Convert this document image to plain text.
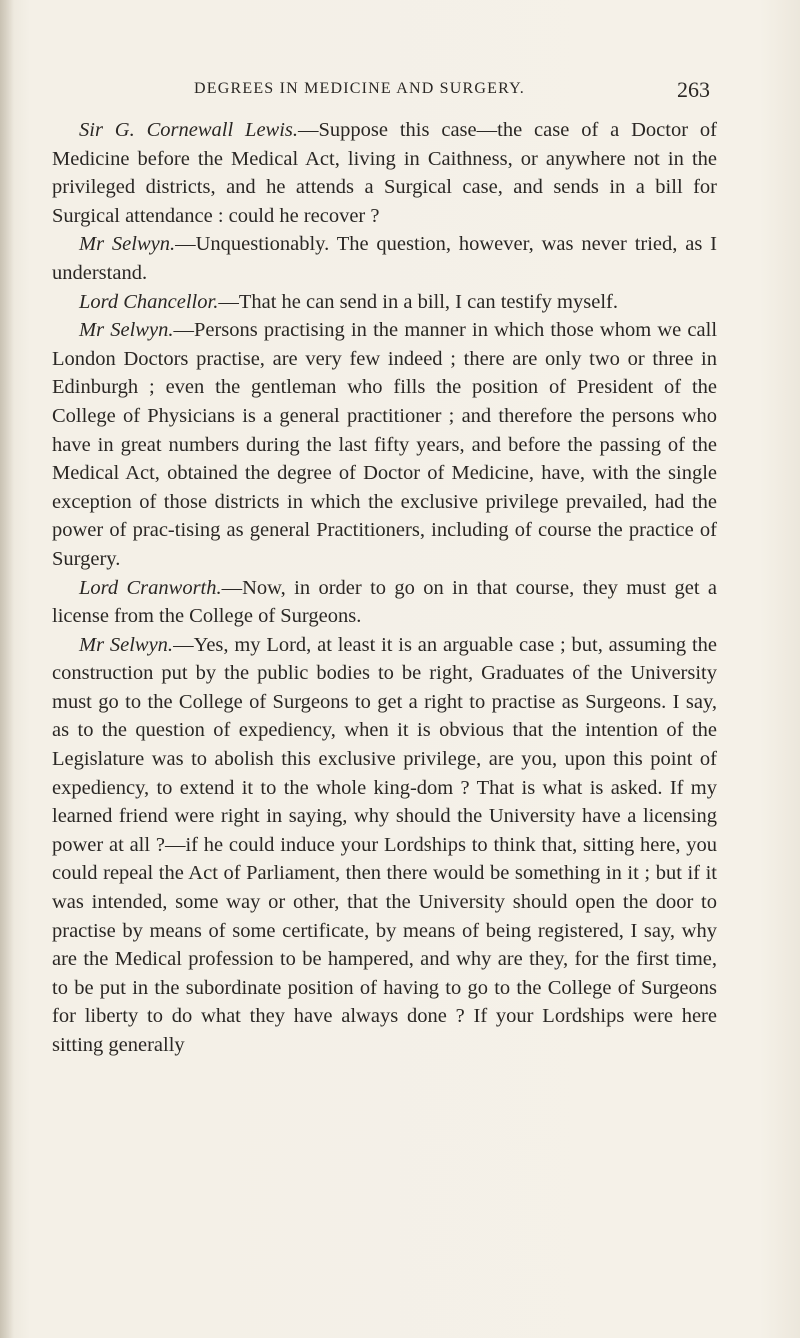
DEGREES IN MEDICINE AND SURGERY.	263

Sir G. Cornewall Lewis.—Suppose this case—the case of a Doctor of Medicine before the Medical Act, living in Caithness, or anywhere not in the privileged districts, and he attends a Surgical case, and sends in a bill for Surgical attendance : could he recover ?

Mr Selwyn.—Unquestionably. The question, however, was never tried, as I understand.

Lord Chancellor.—That he can send in a bill, I can testify myself.

Mr Selwyn.—Persons practising in the manner in which those whom we call London Doctors practise, are very few indeed ; there are only two or three in Edinburgh ; even the gentleman who fills the position of President of the College of Physicians is a general practitioner ; and therefore the persons who have in great numbers during the last fifty years, and before the passing of the Medical Act, obtained the degree of Doctor of Medicine, have, with the single exception of those districts in which the exclusive privilege prevailed, had the power of prac-tising as general Practitioners, including of course the practice of Surgery.

Lord Cranworth.—Now, in order to go on in that course, they must get a license from the College of Surgeons.

Mr Selwyn.—Yes, my Lord, at least it is an arguable case ; but, assuming the construction put by the public bodies to be right, Graduates of the University must go to the College of Surgeons to get a right to practise as Surgeons. I say, as to the question of expediency, when it is obvious that the intention of the Legislature was to abolish this exclusive privilege, are you, upon this point of expediency, to extend it to the whole king-dom ? That is what is asked. If my learned friend were right in saying, why should the University have a licensing power at all ?—if he could induce your Lordships to think that, sitting here, you could repeal the Act of Parliament, then there would be something in it ; but if it was intended, some way or other, that the University should open the door to practise by means of some certificate, by means of being registered, I say, why are the Medical profession to be hampered, and why are they, for the first time, to be put in the subordinate position of having to go to the College of Surgeons for liberty to do what they have always done ? If your Lordships were here sitting generally
